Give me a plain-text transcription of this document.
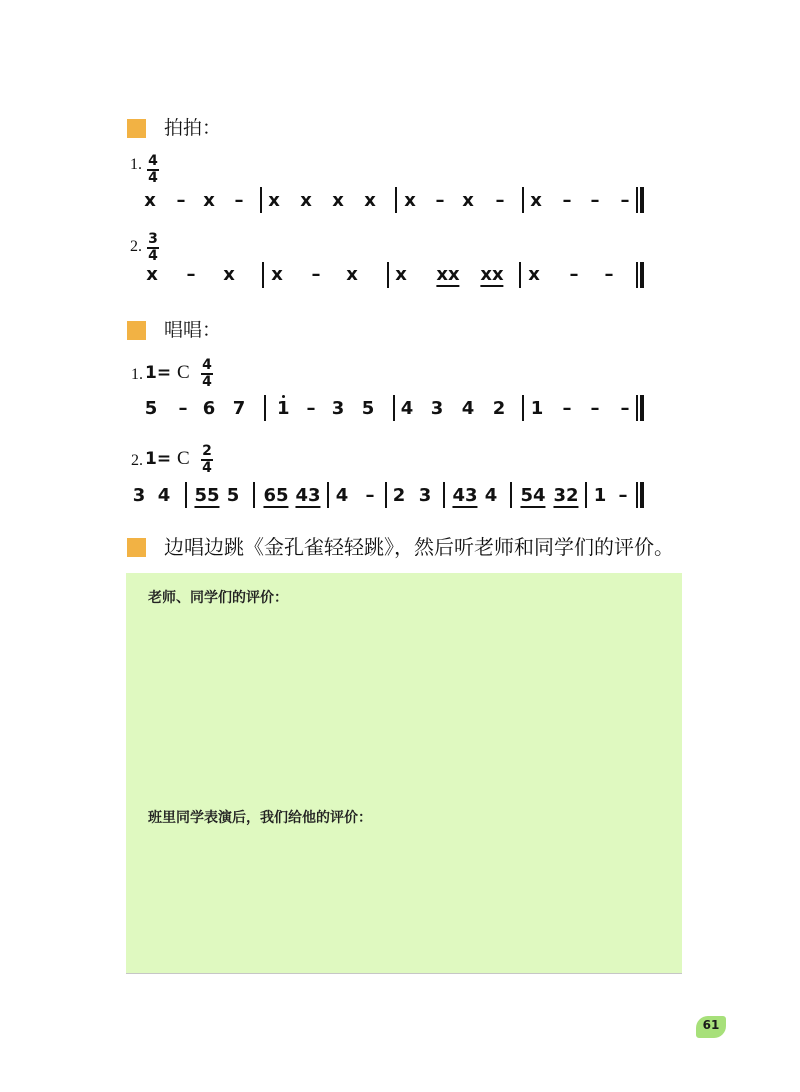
拍拍：
1. 4
4
x – x – x x x x x – x – x – – –
2. 3
4
x – x x – x x xx xx x – –
唱唱：
1. 1= C 4
4
5 – 6 7 1 – 3 5 4 3 4 2 1 – – –
2. 1= C 2
4
3 4 55 5 65 43 4 – 2 3 43 4 54 32 1 –
边唱边跳《金孔雀轻轻跳》，然后听老师和同学们的评价。
老师、同学们的评价：
班里同学表演后，我们给他的评价：
61
